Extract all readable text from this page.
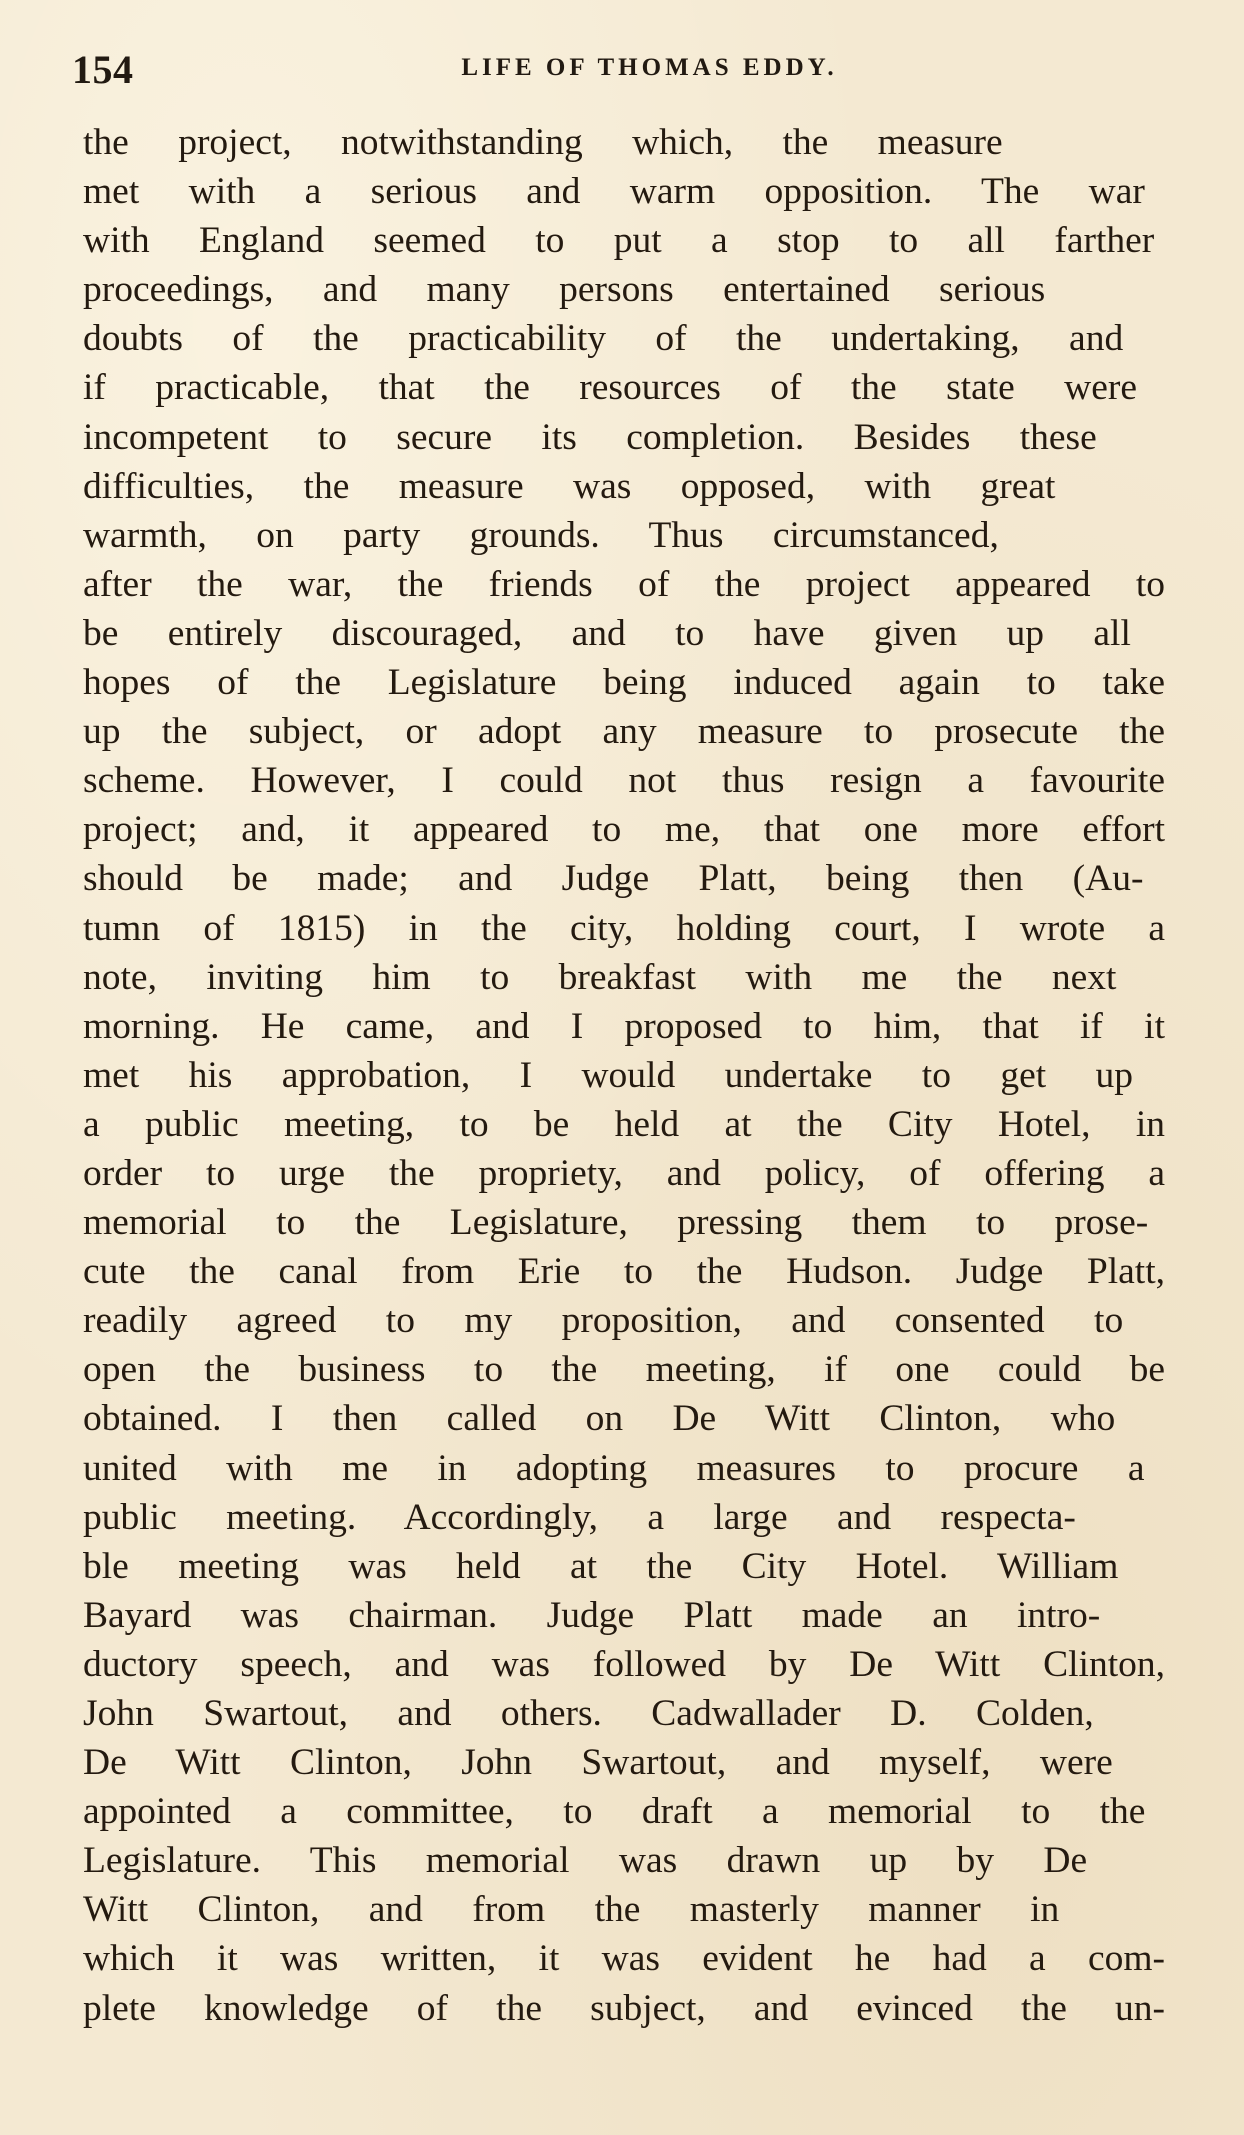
154	LIFE OF THOMAS EDDY.
the project, notwithstanding which, the measure
met with a serious and warm opposition. The war
with England seemed to put a stop to all farther
proceedings, and many persons entertained serious
doubts of the practicability of the undertaking, and
if practicable, that the resources of the state were
incompetent to secure its completion. Besides these
difficulties, the measure was opposed, with great
warmth, on party grounds. Thus circumstanced,
after the war, the friends of the project appeared to
be entirely discouraged, and to have given up all
hopes of the Legislature being induced again to take
up the subject, or adopt any measure to prosecute the
scheme. However, I could not thus resign a favourite
project; and, it appeared to me, that one more effort
should be made; and Judge Platt, being then (Au-
tumn of 1815) in the city, holding court, I wrote a
note, inviting him to breakfast with me the next
morning. He came, and I proposed to him, that if it
met his approbation, I would undertake to get up
a public meeting, to be held at the City Hotel, in
order to urge the propriety, and policy, of offering a
memorial to the Legislature, pressing them to prose-
cute the canal from Erie to the Hudson. Judge Platt,
readily agreed to my proposition, and consented to
open the business to the meeting, if one could be
obtained. I then called on De Witt Clinton, who
united with me in adopting measures to procure a
public meeting. Accordingly, a large and respecta-
ble meeting was held at the City Hotel. William
Bayard was chairman. Judge Platt made an intro-
ductory speech, and was followed by De Witt Clinton,
John Swartout, and others. Cadwallader D. Colden,
De Witt Clinton, John Swartout, and myself, were
appointed a committee, to draft a memorial to the
Legislature. This memorial was drawn up by De
Witt Clinton, and from the masterly manner in
which it was written, it was evident he had a com-
plete knowledge of the subject, and evinced the un-
